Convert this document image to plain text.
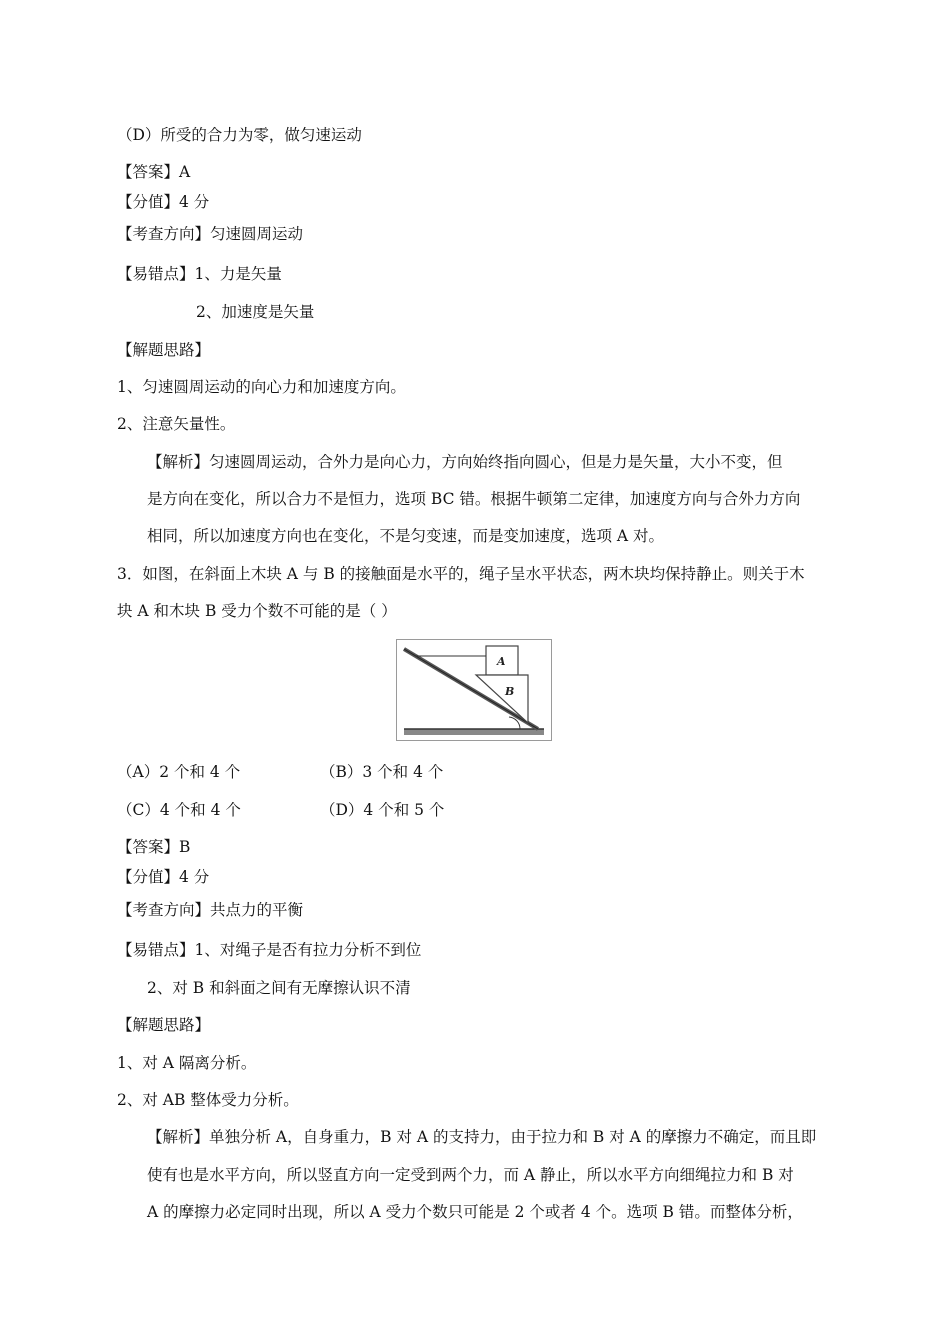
（D）所受的合力为零，做匀速运动
【答案】A
【分值】4 分
【考查方向】匀速圆周运动
【易错点】1、力是矢量
2、加速度是矢量
【解题思路】
1、匀速圆周运动的向心力和加速度方向。
2、注意矢量性。
【解析】匀速圆周运动，合外力是向心力，方向始终指向圆心，但是力是矢量，大小不变，但
是方向在变化，所以合力不是恒力，选项 BC 错。根据牛顿第二定律，加速度方向与合外力方向
相同，所以加速度方向也在变化，不是匀变速，而是变加速度，选项 A 对。
3．如图，在斜面上木块 A 与 B 的接触面是水平的，绳子呈水平状态，两木块均保持静止。则关于木
块 A 和木块 B 受力个数不可能的是（ ）
A
B
（A）2 个和 4 个	（B）3 个和 4 个
（C）4 个和 4 个	（D）4 个和 5 个
【答案】B
【分值】4 分
【考查方向】共点力的平衡
【易错点】1、对绳子是否有拉力分析不到位
2、对 B 和斜面之间有无摩擦认识不清
【解题思路】
1、对 A 隔离分析。
2、对 AB 整体受力分析。
【解析】单独分析 A，自身重力，B 对 A 的支持力，由于拉力和 B 对 A 的摩擦力不确定，而且即
使有也是水平方向，所以竖直方向一定受到两个力，而 A 静止，所以水平方向细绳拉力和 B 对
A 的摩擦力必定同时出现，所以 A 受力个数只可能是 2 个或者 4 个。选项 B 错。而整体分析，
